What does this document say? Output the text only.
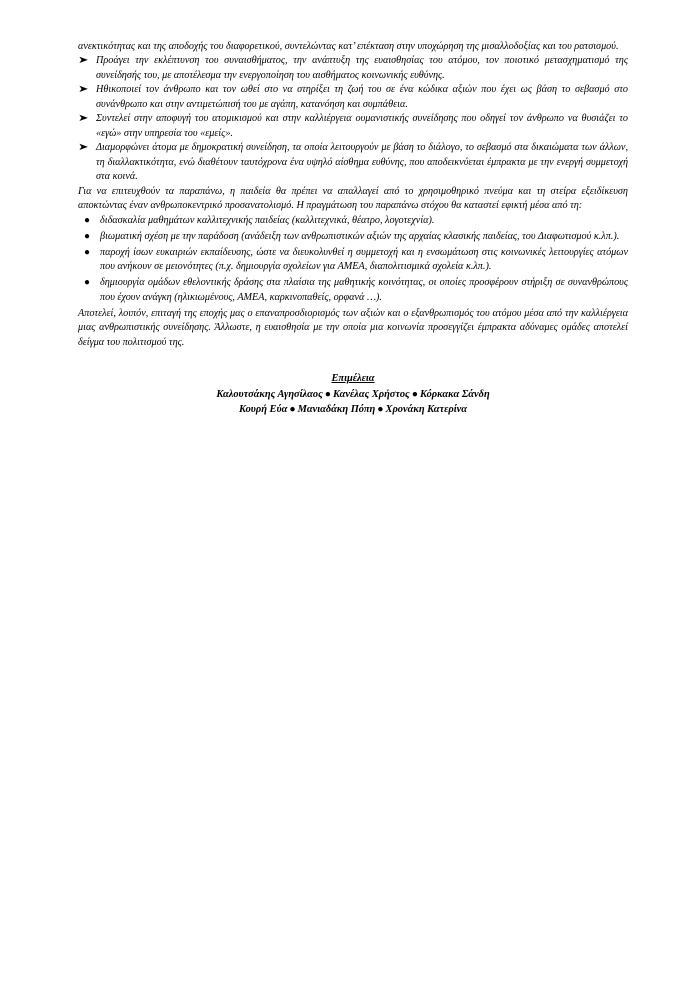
ανεκτικότητας και της αποδοχής του διαφορετικού, συντελώντας κατ’ επέκταση στην υποχώρηση της μισαλλοδοξίας και του ρατσισμού.

➤ Προάγει την εκλέπτυνση του συναισθήματος, την ανάπτυξη της ευαισθησίας του ατόμου, τον ποιοτικό μετασχηματισμό της συνείδησής του, με αποτέλεσμα την ενεργοποίηση του αισθήματος κοινωνικής ευθύνης.
➤ Ηθικοποιεί τον άνθρωπο και τον ωθεί στο να στηρίξει τη ζωή του σε ένα κώδικα αξιών που έχει ως βάση το σεβασμό στο συνάνθρωπο και στην αντιμετώπισή του με αγάπη, κατανόηση και συμπάθεια.
➤ Συντελεί στην αποφυγή του ατομικισμού και στην καλλιέργεια ουμανιστικής συνείδησης που οδηγεί τον άνθρωπο να θυσιάζει το «εγώ» στην υπηρεσία του «εμείς».
➤ Διαμορφώνει άτομα με δημοκρατική συνείδηση, τα οποία λειτουργούν με βάση το διάλογο, το σεβασμό στα δικαιώματα των άλλων, τη διαλλακτικότητα, ενώ διαθέτουν ταυτόχρονα ένα υψηλό αίσθημα ευθύνης, που αποδεικνύεται έμπρακτα με την ενεργή συμμετοχή στα κοινά.

Για να επιτευχθούν τα παραπάνω, η παιδεία θα πρέπει να απαλλαγεί από το χρησιμοθηρικό πνεύμα και τη στείρα εξειδίκευση αποκτώντας έναν ανθρωποκεντρικό προσανατολισμό. Η πραγμάτωση του παραπάνω στόχου θα καταστεί εφικτή μέσα από τη:

● διδασκαλία μαθημάτων καλλιτεχνικής παιδείας (καλλιτεχνικά, θέατρο, λογοτεχνία).
● βιωματική σχέση με την παράδοση (ανάδειξη των ανθρωπιστικών αξιών της αρχαίας κλασικής παιδείας, του Διαφωτισμού κ.λπ.).
● παροχή ίσων ευκαιριών εκπαίδευσης, ώστε να διευκολυνθεί η συμμετοχή και η ενσωμάτωση στις κοινωνικές λειτουργίες ατόμων που ανήκουν σε μειονότητες (π.χ. δημιουργία σχολείων για ΑΜΕΑ, διαπολιτισμικά σχολεία κ.λπ.).
● δημιουργία ομάδων εθελοντικής δράσης στα πλαίσια της μαθητικής κοινότητας, οι οποίες προσφέρουν στήριξη σε συνανθρώπους που έχουν ανάγκη (ηλικιωμένους, ΑΜΕΑ, καρκινοπαθείς, ορφανά …).

Αποτελεί, λοιπόν, επιταγή της εποχής μας ο επαναπροσδιορισμός των αξιών και ο εξανθρωπισμός του ατόμου μέσα από την καλλιέργεια μιας ανθρωπιστικής συνείδησης. Άλλωστε, η ευαισθησία με την οποία μια κοινωνία προσεγγίζει έμπρακτα αδύναμες ομάδες αποτελεί δείγμα του πολιτισμού της.

Επιμέλεια
Καλουτσάκης Αγησίλαος ● Κανέλας Χρήστος ● Κόρκακα Σάνδη
Κουρή Εύα ● Μανιαδάκη Πόπη ● Χρονάκη Κατερίνα
